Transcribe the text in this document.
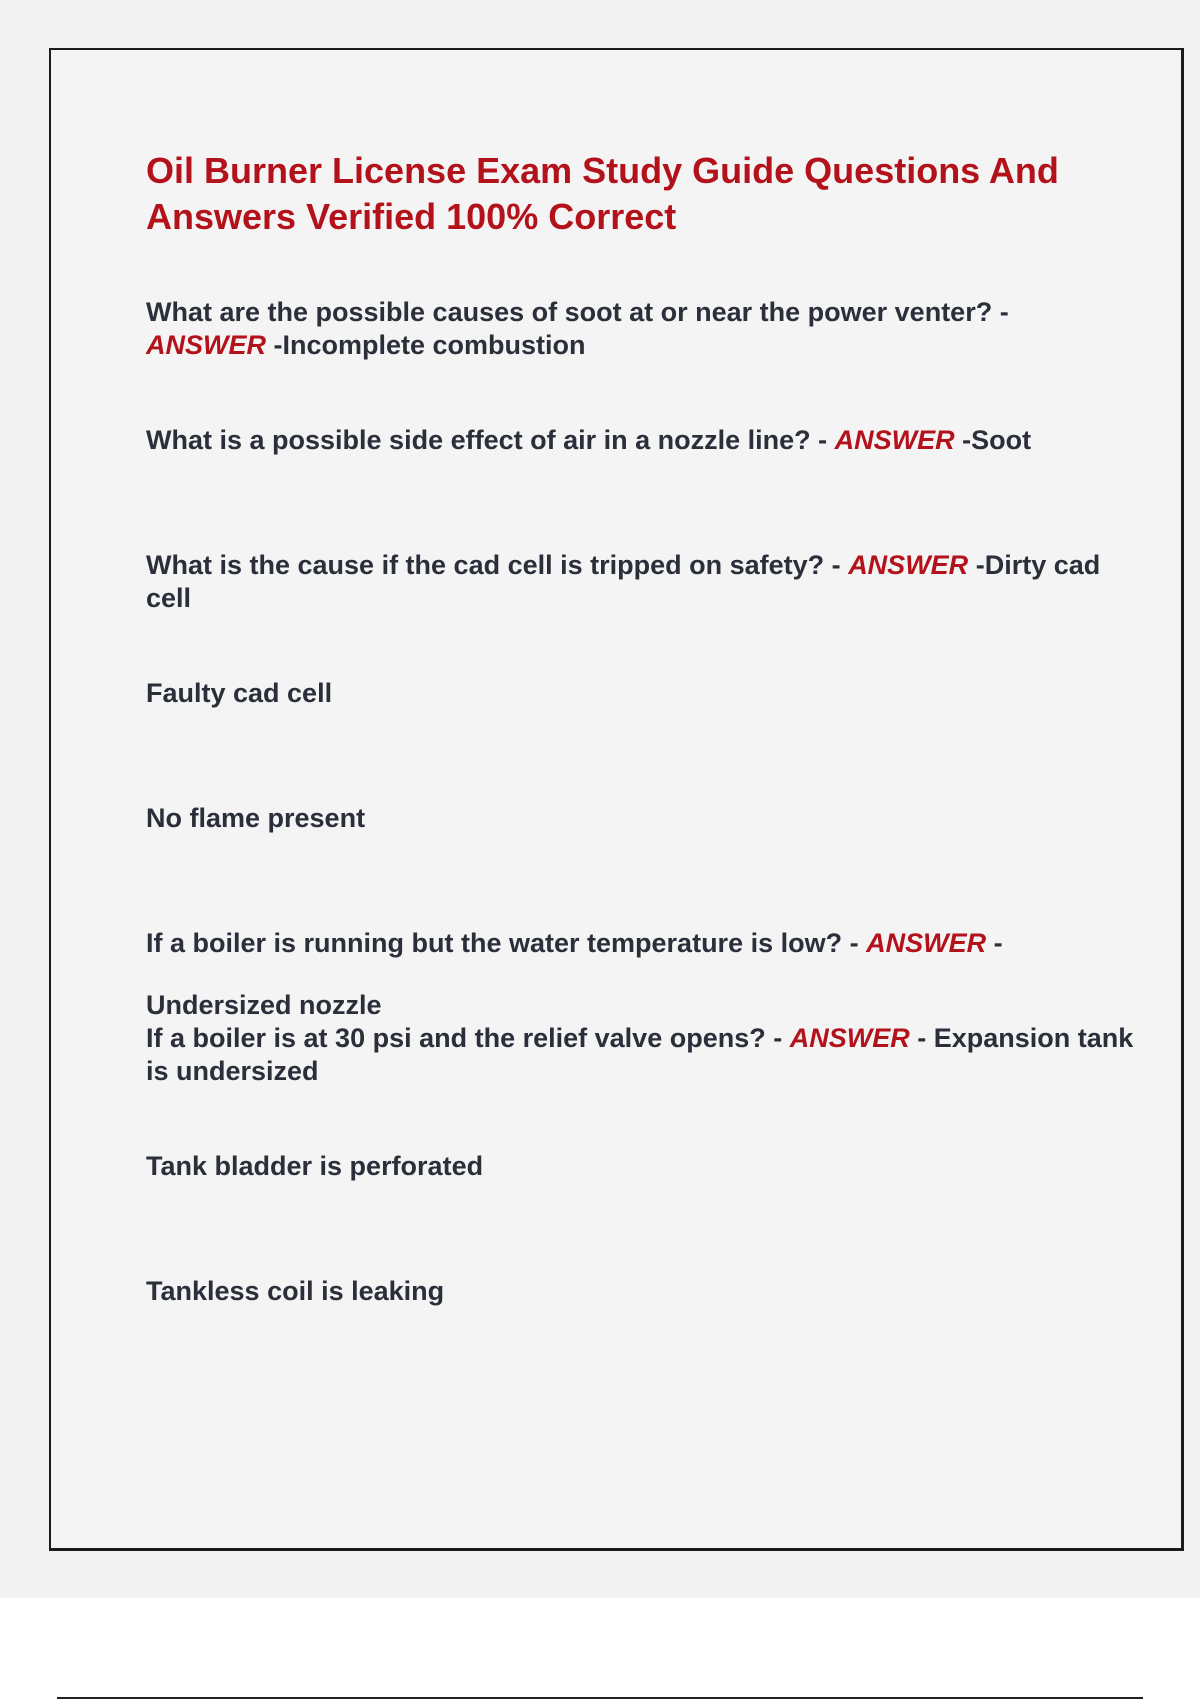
Oil Burner License Exam Study Guide Questions And Answers Verified 100% Correct

What are the possible causes of soot at or near the power venter? - ANSWER -Incomplete combustion

What is a possible side effect of air in a nozzle line? - ANSWER -Soot

What is the cause if the cad cell is tripped on safety? - ANSWER -Dirty cad cell

Faulty cad cell

No flame present

If a boiler is running but the water temperature is low? - ANSWER -

Undersized nozzle

If a boiler is at 30 psi and the relief valve opens? - ANSWER - Expansion tank is undersized

Tank bladder is perforated

Tankless coil is leaking
